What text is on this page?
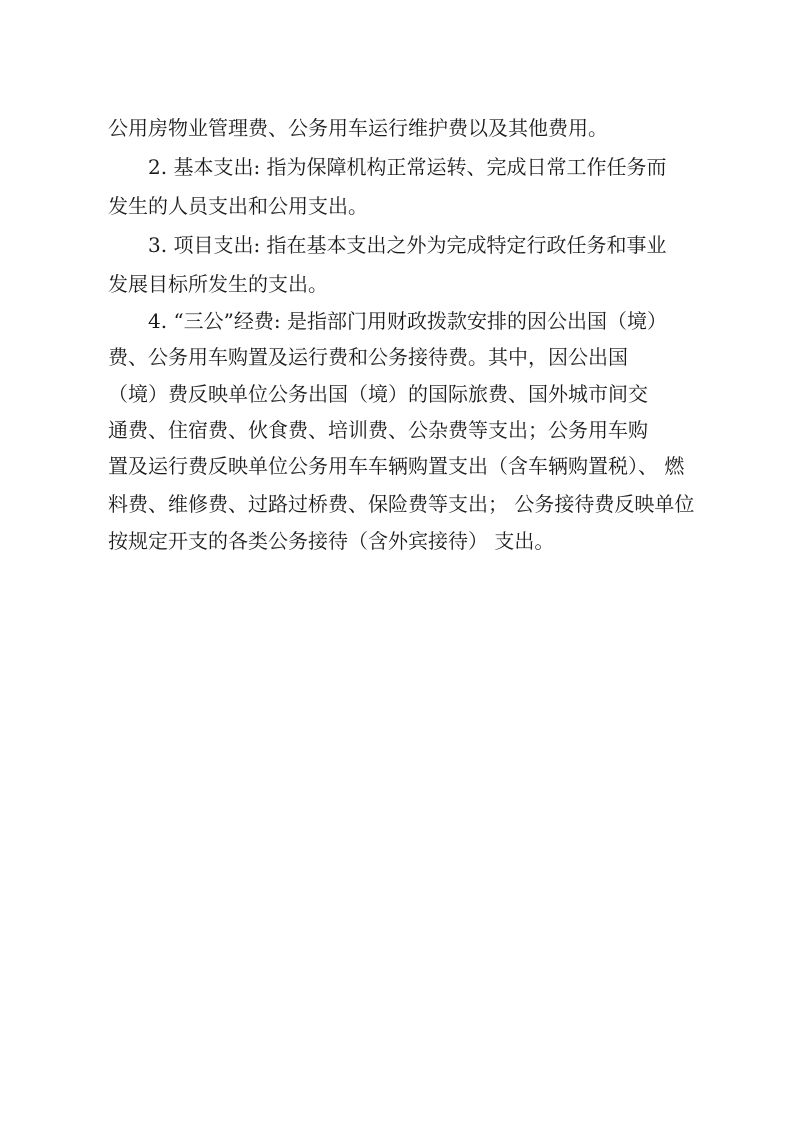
公用房物业管理费、公务用车运行维护费以及其他费用。
2. 基本支出: 指为保障机构正常运转、完成日常工作任务而
发生的人员支出和公用支出。
3. 项目支出: 指在基本支出之外为完成特定行政任务和事业
发展目标所发生的支出。
4. “三公”经费: 是指部门用财政拨款安排的因公出国（境）
费、公务用车购置及运行费和公务接待费。其中，因公出国
（境）费反映单位公务出国（境）的国际旅费、国外城市间交
通费、住宿费、伙食费、培训费、公杂费等支出；公务用车购
置及运行费反映单位公务用车车辆购置支出（含车辆购置税）、 燃
料费、维修费、过路过桥费、保险费等支出； 公务接待费反映单位
按规定开支的各类公务接待（含外宾接待） 支出。
